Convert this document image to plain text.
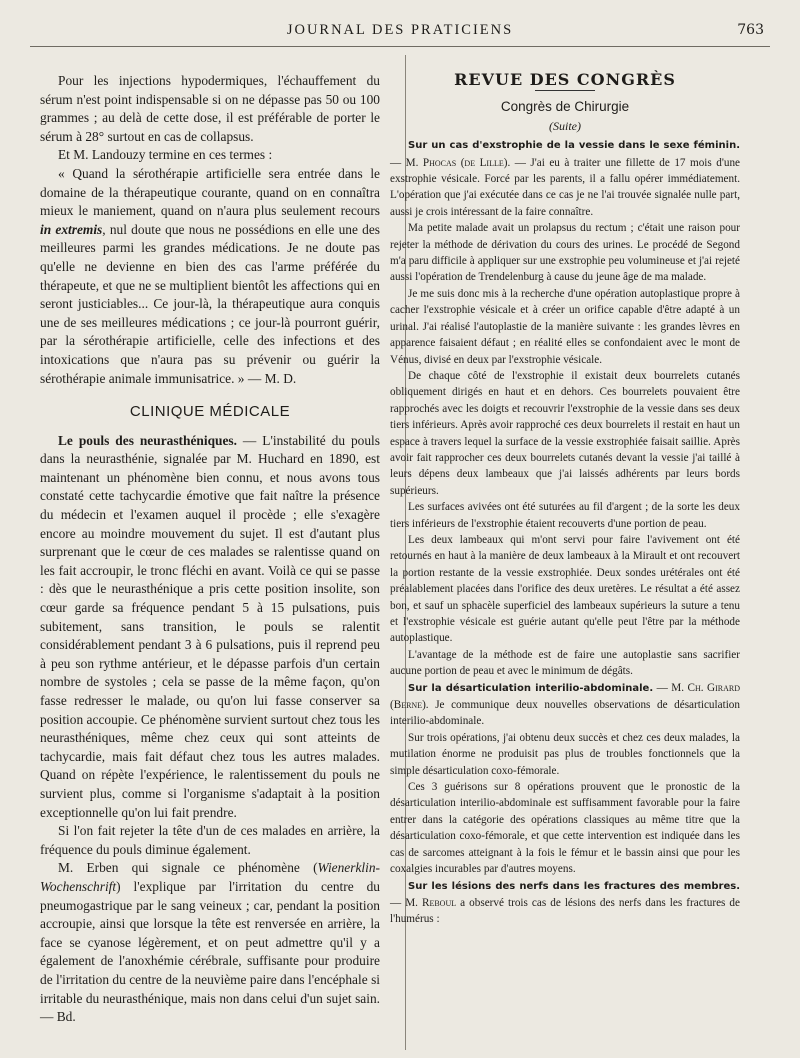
JOURNAL DES PRATICIENS	763

Pour les injections hypodermiques, l'échauffement du sérum n'est point indispensable si on ne dépasse pas 50 ou 100 grammes ; au delà de cette dose, il est préférable de porter le sérum à 28° surtout en cas de collapsus.

Et M. Landouzy termine en ces termes :

« Quand la sérothérapie artificielle sera entrée dans le domaine de la thérapeutique courante, quand on en connaîtra mieux le maniement, quand on n'aura plus seulement recours in extremis, nul doute que nous ne possédions en elle une des meilleures parmi les grandes médications. Je ne doute pas qu'elle ne devienne en bien des cas l'arme préférée du thérapeute, et que ne se multiplient bientôt les affections qui en seront justiciables... Ce jour-là, la thérapeutique aura conquis une de ses meilleures médications ; ce jour-là pourront guérir, par la sérothérapie artificielle, celle des infections et des intoxications que n'aura pas su prévenir ou guérir la sérothérapie animale immunisatrice. » — M. D.

CLINIQUE MÉDICALE

Le pouls des neurasthéniques. — L'instabilité du pouls dans la neurasthénie, signalée par M. Huchard en 1890, est maintenant un phénomène bien connu, et nous avons tous constaté cette tachycardie émotive que fait naître la présence du médecin et l'examen auquel il procède ; elle s'exagère encore au moindre mouvement du sujet. Il est d'autant plus surprenant que le cœur de ces malades se ralentisse quand on les fait accroupir, le tronc fléchi en avant. Voilà ce qui se passe : dès que le neurasthénique a pris cette position insolite, son cœur garde sa fréquence pendant 5 à 15 pulsations, puis subitement, sans transition, le pouls se ralentit considérablement pendant 3 à 6 pulsations, puis il reprend peu à peu son rythme antérieur, et le dépasse parfois d'un certain nombre de systoles ; cela se passe de la même façon, qu'on fasse redresser le malade, ou qu'on lui fasse conserver sa position accoupie. Ce phénomène survient surtout chez tous les neurasthéniques, même chez ceux qui sont atteints de tachycardie, mais fait défaut chez tous les autres malades. Quand on répète l'expérience, le ralentissement du pouls ne survient plus, comme si l'organisme s'adaptait à la position exceptionnelle qu'on lui fait prendre.

Si l'on fait rejeter la tête d'un de ces malades en arrière, la fréquence du pouls diminue également.

M. Erben qui signale ce phénomène (Wienerklin-Wochenschrift) l'explique par l'irritation du centre du pneumogastrique par le sang veineux ; car, pendant la position accroupie, ainsi que lorsque la tête est renversée en arrière, la face se cyanose légèrement, et on peut admettre qu'il y a également de l'anoxhémie cérébrale, suffisante pour produire de l'irritation du centre de la neuvième paire dans l'encéphale si irritable du neurasthénique, mais non dans celui d'un sujet sain. — Bd.

REVUE DES CONGRÈS
Congrès de Chirurgie
(Suite)

Sur un cas d'exstrophie de la vessie dans le sexe féminin. — M. Phocas (de Lille). — J'ai eu à traiter une fillette de 17 mois d'une exstrophie vésicale. Forcé par les parents, il a fallu opérer immédiatement. L'opération que j'ai exécutée dans ce cas je ne l'ai trouvée signalée nulle part, aussi je crois intéressant de la faire connaître.

Ma petite malade avait un prolapsus du rectum ; c'était une raison pour rejeter la méthode de dérivation du cours des urines. Le procédé de Segond m'a paru difficile à appliquer sur une exstrophie peu volumineuse et j'ai rejeté aussi l'opération de Trendelenburg à cause du jeune âge de ma malade.

Je me suis donc mis à la recherche d'une opération autoplastique propre à cacher l'exstrophie vésicale et à créer un orifice capable d'être adapté à un urinal. J'ai réalisé l'autoplastie de la manière suivante : les grandes lèvres en apparence faisaient défaut ; en réalité elles se confondaient avec le mont de Vénus, divisé en deux par l'exstrophie vésicale.

De chaque côté de l'exstrophie il existait deux bourrelets cutanés obliquement dirigés en haut et en dehors. Ces bourrelets pouvaient être rapprochés avec les doigts et recouvrir l'exstrophie de la vessie dans ses deux tiers inférieurs. Après avoir rapproché ces deux bourrelets il restait en haut un espace à travers lequel la surface de la vessie exstrophiée faisait saillie. Après avoir fait rapprocher ces deux bourrelets cutanés devant la vessie j'ai taillé à leurs dépens deux lambeaux que j'ai laissés adhérents par leurs bords supérieurs.

Les surfaces avivées ont été suturées au fil d'argent ; de la sorte les deux tiers inférieurs de l'exstrophie étaient recouverts d'une portion de peau.

Les deux lambeaux qui m'ont servi pour faire l'avivement ont été retournés en haut à la manière de deux lambeaux à la Mirault et ont recouvert la portion restante de la vessie exstrophiée. Deux sondes urétérales ont été préalablement placées dans l'orifice des deux uretères. Le résultat a été assez bon, et sauf un sphacèle superficiel des lambeaux supérieurs la suture a tenu et l'exstrophie vésicale est guérie autant qu'elle peut l'être par la méthode autoplastique.

L'avantage de la méthode est de faire une autoplastie sans sacrifier aucune portion de peau et avec le minimum de dégâts.

Sur la désarticulation interilio-abdominale. — M. Ch. Girard (Berne). Je communique deux nouvelles observations de désarticulation interilio-abdominale.

Sur trois opérations, j'ai obtenu deux succès et chez ces deux malades, la mutilation énorme ne produisit pas plus de troubles fonctionnels que la simple désarticulation coxo-fémorale.

Ces 3 guérisons sur 8 opérations prouvent que le pronostic de la désarticulation interilio-abdominale est suffisamment favorable pour la faire entrer dans la catégorie des opérations classiques au même titre que la désarticulation coxo-fémorale, et que cette intervention est indiquée dans les cas de sarcomes atteignant à la fois le fémur et le bassin ainsi que pour les coxalgies incurables par d'autres moyens.

Sur les lésions des nerfs dans les fractures des membres. — M. Reboul a observé trois cas de lésions des nerfs dans les fractures de l'humérus :
